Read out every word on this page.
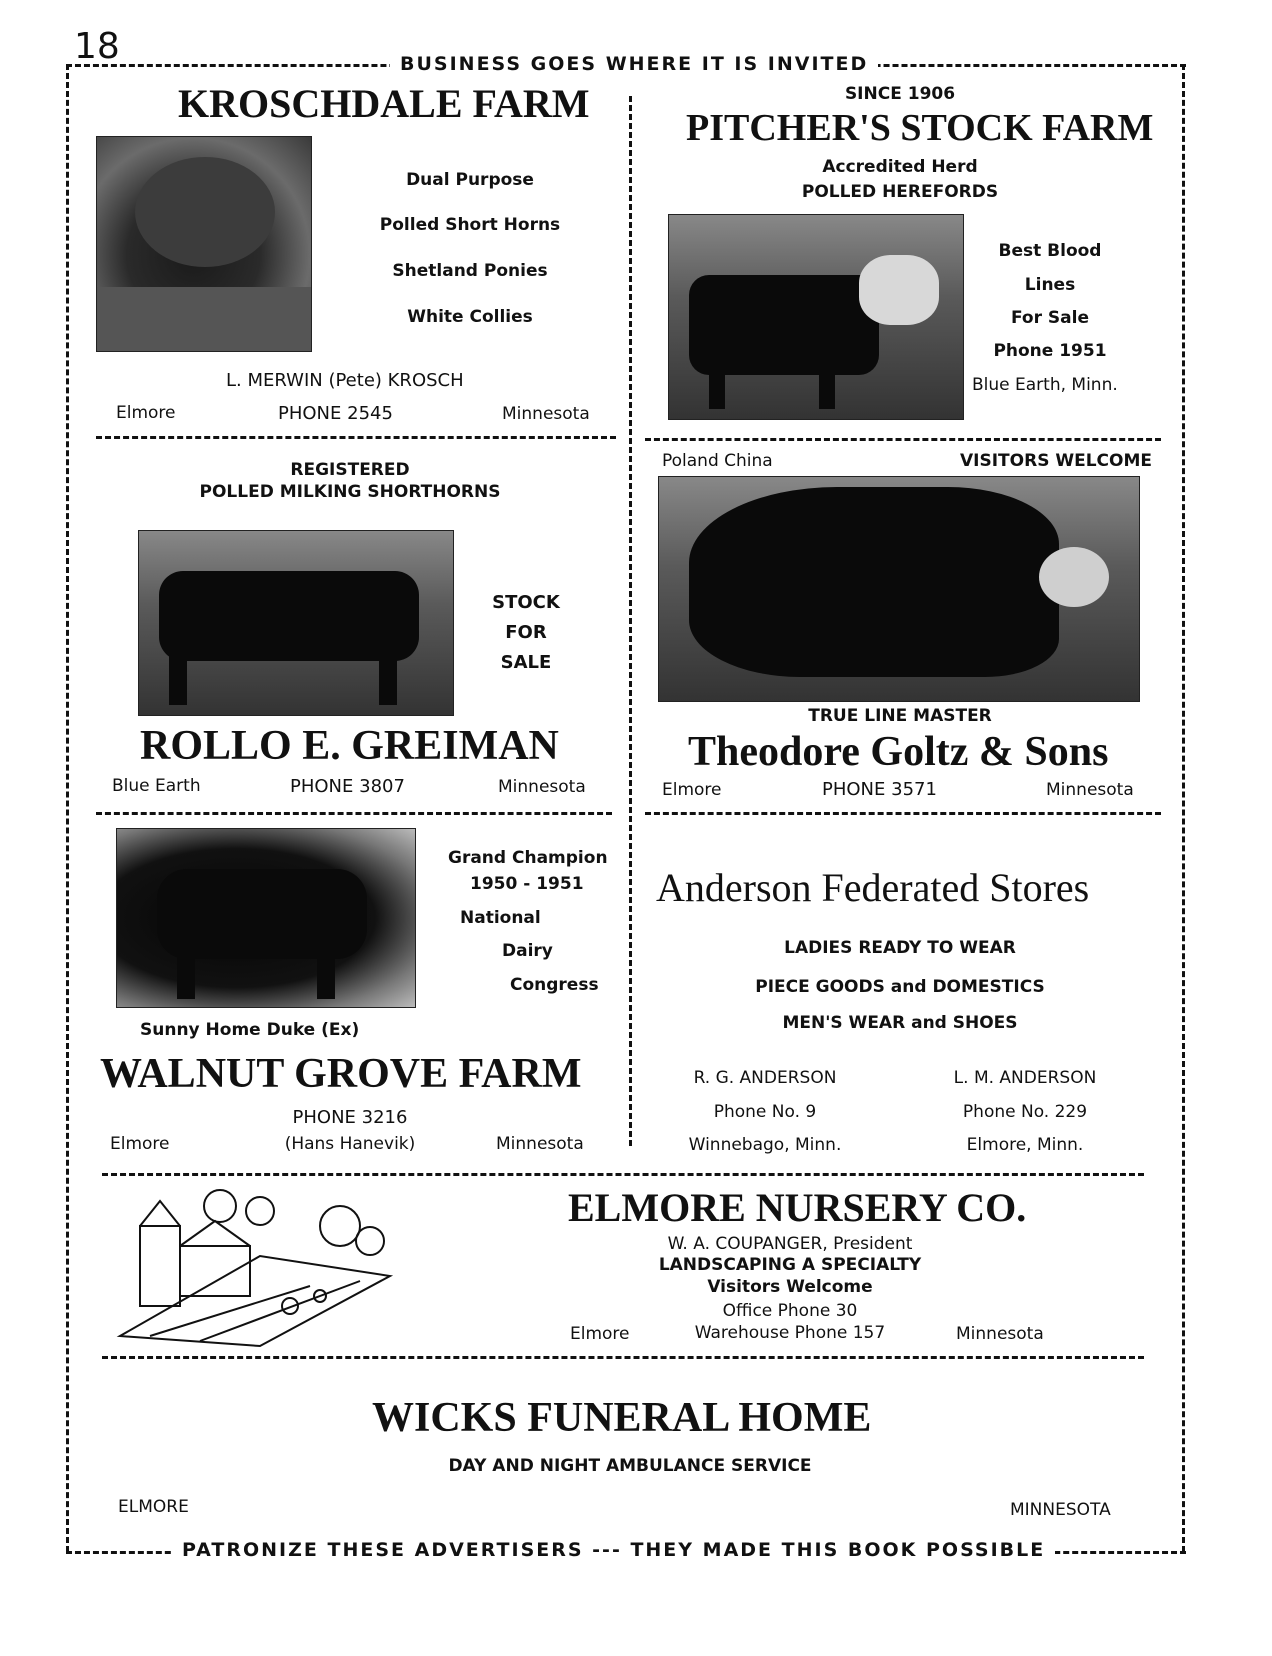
18	BUSINESS GOES WHERE IT IS INVITED
PATRONIZE THESE ADVERTISERS --- THEY MADE THIS BOOK POSSIBLE
KROSCHDALE FARM
Dual Purpose
Polled Short Horns
Shetland Ponies
White Collies
L. MERWIN (Pete) KROSCH
Elmore	PHONE 2545	Minnesota
SINCE 1906
PITCHER'S STOCK FARM
Accredited Herd
POLLED HEREFORDS
Best Blood
Lines
For Sale
Phone 1951
Blue Earth, Minn.
REGISTERED
POLLED MILKING SHORTHORNS
STOCK
FOR
SALE
ROLLO E. GREIMAN
Blue Earth	PHONE 3807	Minnesota
Poland China	VISITORS WELCOME
TRUE LINE MASTER
Theodore Goltz & Sons
Elmore	PHONE 3571	Minnesota
Grand Champion
1950 - 1951
National
Dairy
Congress
Sunny Home Duke (Ex)
WALNUT GROVE FARM
PHONE 3216
Elmore	(Hans Hanevik)	Minnesota
Anderson Federated Stores
LADIES READY TO WEAR
PIECE GOODS and DOMESTICS
MEN'S WEAR and SHOES
R. G. ANDERSON
Phone No. 9
Winnebago, Minn.
L. M. ANDERSON
Phone No. 229
Elmore, Minn.
ELMORE NURSERY CO.
W. A. COUPANGER, President
LANDSCAPING A SPECIALTY
Visitors Welcome
Office Phone 30
Warehouse Phone 157
Elmore	Minnesota
WICKS FUNERAL HOME
DAY AND NIGHT AMBULANCE SERVICE
ELMORE	MINNESOTA
